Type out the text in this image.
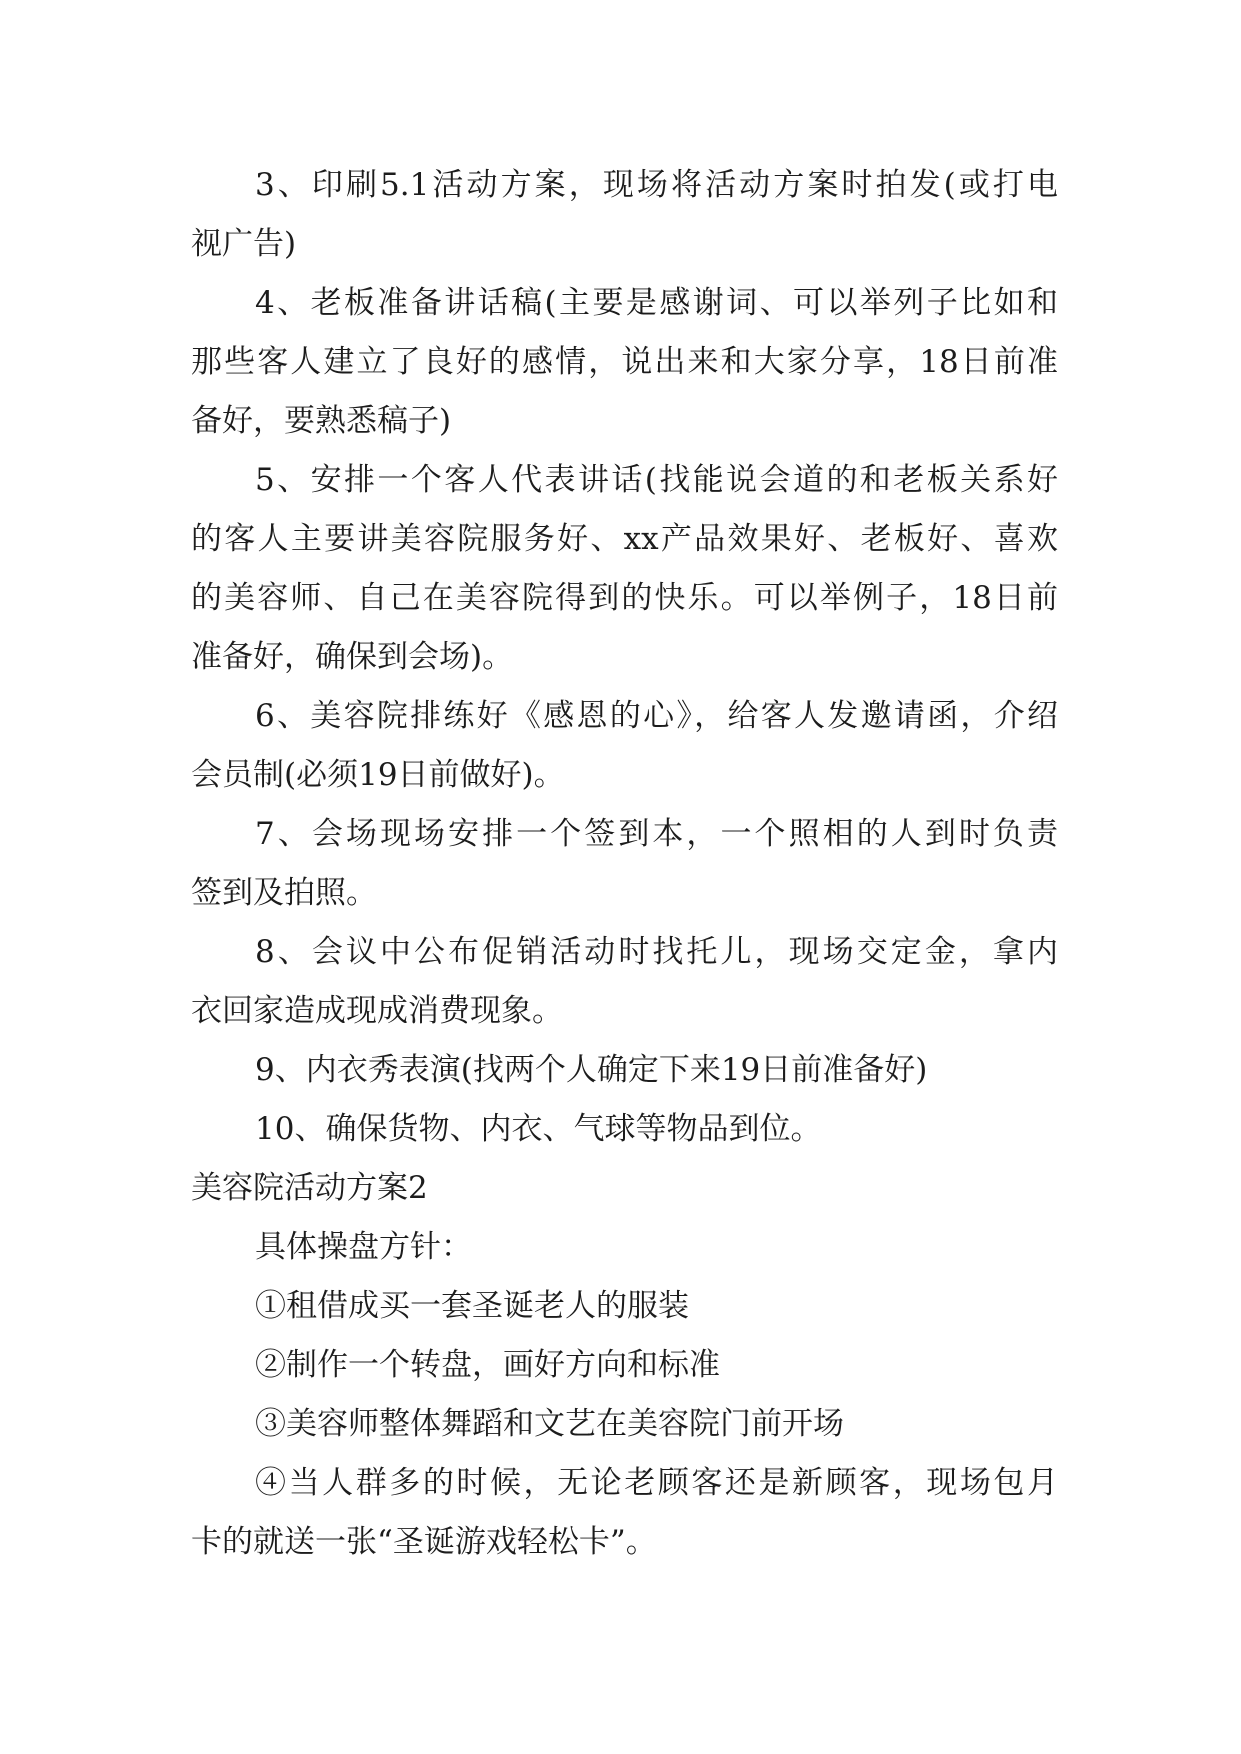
3、印刷5.1活动方案，现场将活动方案时拍发(或打电
视广告)
4、老板准备讲话稿(主要是感谢词、可以举列子比如和
那些客人建立了良好的感情，说出来和大家分享，18日前准
备好，要熟悉稿子)
5、安排一个客人代表讲话(找能说会道的和老板关系好
的客人主要讲美容院服务好、xx产品效果好、老板好、喜欢
的美容师、自己在美容院得到的快乐。可以举例子，18日前
准备好，确保到会场)。
6、美容院排练好《感恩的心》，给客人发邀请函，介绍
会员制(必须19日前做好)。
7、会场现场安排一个签到本，一个照相的人到时负责
签到及拍照。
8、会议中公布促销活动时找托儿，现场交定金，拿内
衣回家造成现成消费现象。
9、内衣秀表演(找两个人确定下来19日前准备好)
10、确保货物、内衣、气球等物品到位。
美容院活动方案2
具体操盘方针：
①租借成买一套圣诞老人的服装
②制作一个转盘，画好方向和标准
③美容师整体舞蹈和文艺在美容院门前开场
④当人群多的时候，无论老顾客还是新顾客，现场包月
卡的就送一张“圣诞游戏轻松卡”。
